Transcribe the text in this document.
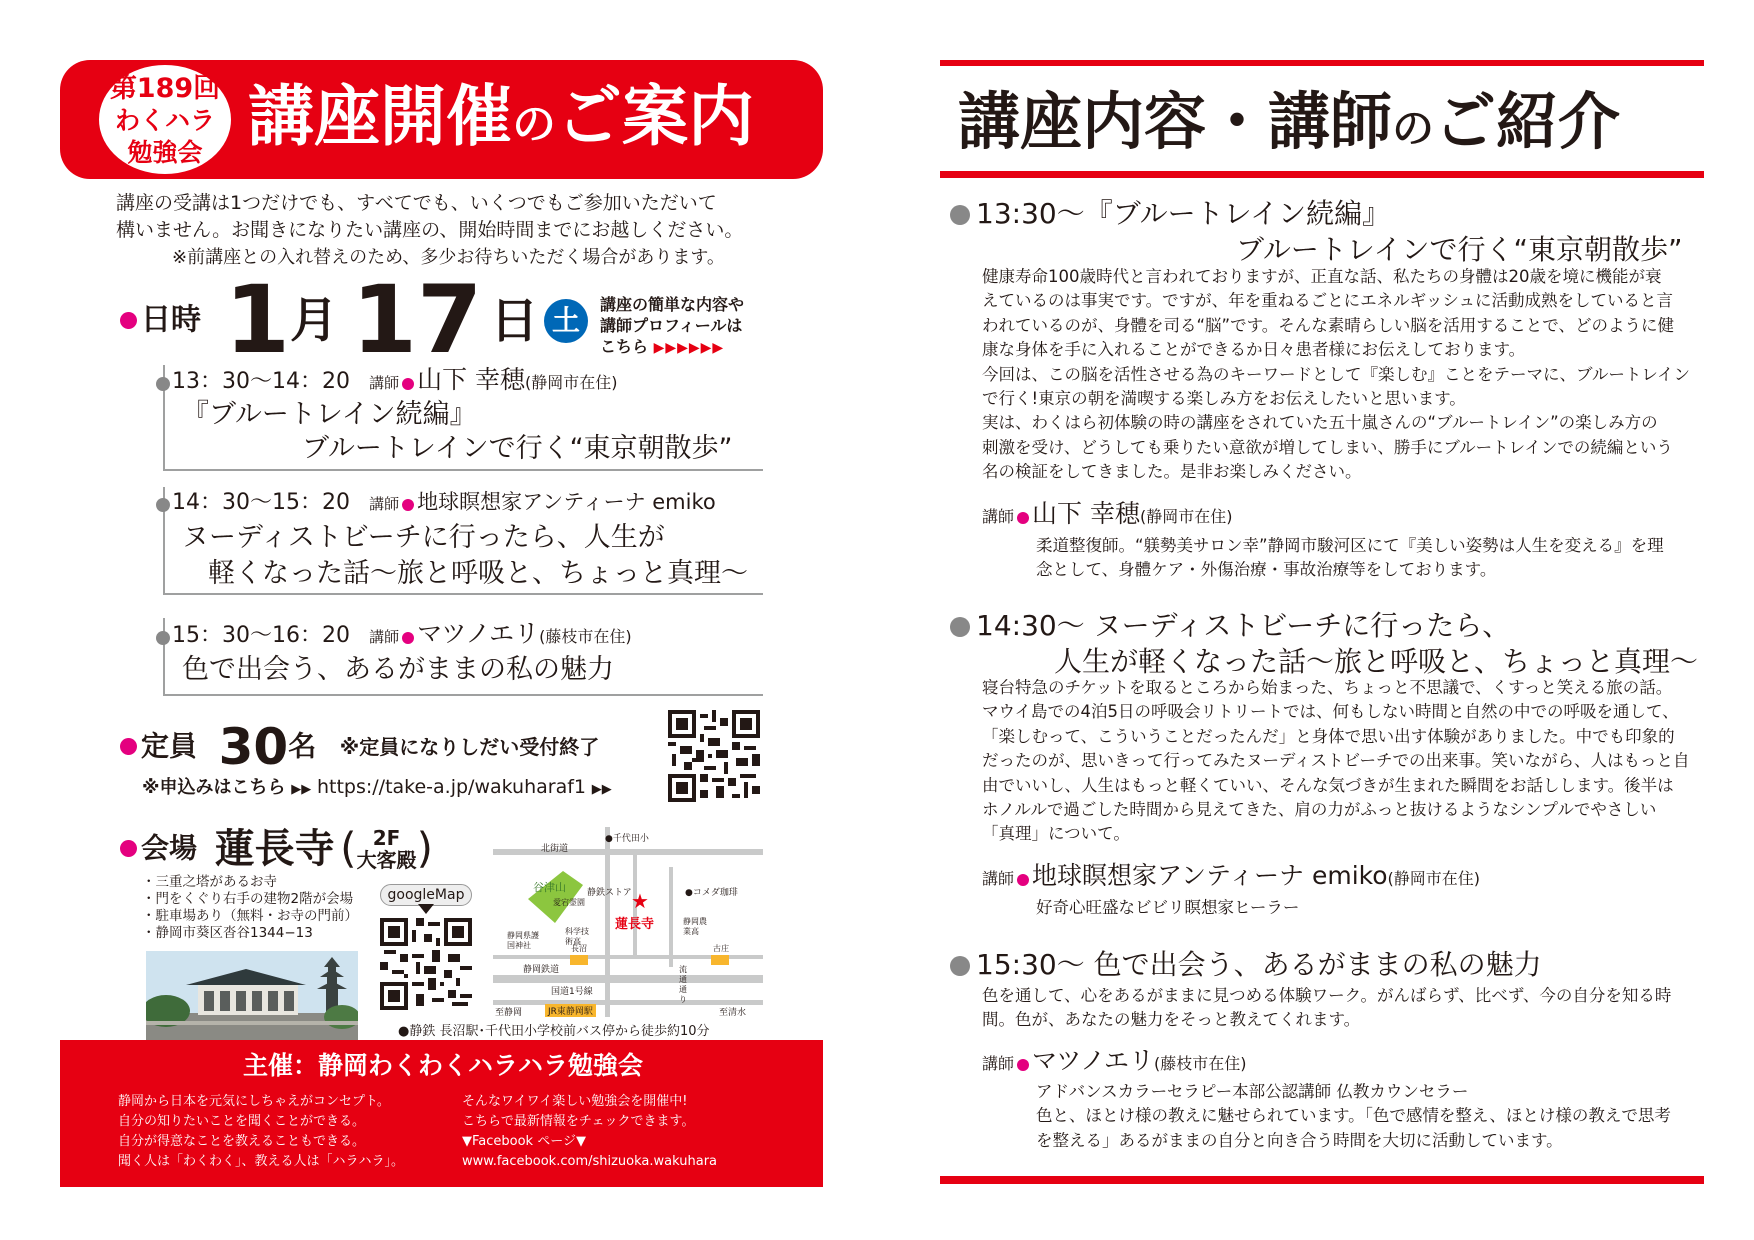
第189回
わくハラ
勉強会 講座開催のご案内
講座の受講は1つだけでも、すべてでも、いくつでもご参加いただいて
構いません。お聞きになりたい講座の、開始時間までにお越しください。
※前講座との入れ替えのため、多少お待ちいただく場合があります。
日時 1月 17 日 土	講座の簡単な内容や
講師プロフィールは
こちら ▶▶▶▶▶▶
13：30〜14：20 講師 山下 幸穂(静岡市在住)
『ブルートレイン続編』
ブルートレインで行く“東京朝散歩”
14：30〜15：20 講師 地球瞑想家アンティーナ emiko
ヌーディストビーチに行ったら、人生が
軽くなった話〜旅と呼吸と、ちょっと真理〜
15：30〜16：20 講師 マツノエリ(藤枝市在住)
色で出会う、あるがままの私の魅力
定員 30名 ※定員になりしだい受付終了
※申込みはこちら ▶▶ https://take-a.jp/wakuharaf1 ▶▶
会場 蓮長寺 ( 2F
大客殿 )
・三重之塔があるお寺
・門をくぐり右手の建物2階が会場
・駐車場あり（無料・お寺の門前）
・静岡市葵区沓谷1344−13
googleMap
北街道
●千代田小
静鉄ストア	●コメダ珈琲
谷津山
愛宕霊園 ★
蓮長寺
科学技術高
静岡県護国神社
静岡農業高
長沼	古庄
静岡鉄道
国道1号線
流通通り
至静岡	JR東静岡駅	至清水
●静鉄 長沼駅･千代田小学校前バス停から徒歩約10分
主催：静岡わくわくハラハラ勉強会
静岡から日本を元気にしちゃえがコンセプト。
自分の知りたいことを聞くことができる。
自分が得意なことを教えることもできる。
聞く人は「わくわく」、教える人は「ハラハラ」。
そんなワイワイ楽しい勉強会を開催中!
こちらで最新情報をチェックできます。
▼Facebook ページ▼
www.facebook.com/shizuoka.wakuhara
講座内容・講師のご紹介
13:30〜『ブルートレイン続編』
ブルートレインで行く“東京朝散歩”
健康寿命100歳時代と言われておりますが、正直な話、私たちの身體は20歳を境に機能が衰
えているのは事実です。ですが、年を重ねるごとにエネルギッシュに活動成熟をしていると言
われているのが、身體を司る“脳”です。そんな素晴らしい脳を活用することで、どのように健
康な身体を手に入れることができるか日々患者様にお伝えしております。
今回は、この脳を活性させる為のキーワードとして『楽しむ』ことをテーマに、ブルートレイン
で行く!東京の朝を満喫する楽しみ方をお伝えしたいと思います。
実は、わくはら初体験の時の講座をされていた五十嵐さんの“ブルートレイン”の楽しみ方の
刺激を受け、どうしても乗りたい意欲が増してしまい、勝手にブルートレインでの続編という
名の検証をしてきました。是非お楽しみください。
講師 山下 幸穂(静岡市在住)
柔道整復師。“躾勢美サロン幸”静岡市駿河区にて『美しい姿勢は人生を変える』を理
念として、身體ケア・外傷治療・事故治療等をしております。
14:30〜 ヌーディストビーチに行ったら、
人生が軽くなった話〜旅と呼吸と、ちょっと真理〜
寝台特急のチケットを取るところから始まった、ちょっと不思議で、くすっと笑える旅の話。
マウイ島での4泊5日の呼吸会リトリートでは、何もしない時間と自然の中での呼吸を通して、
「楽しむって、こういうことだったんだ」と身体で思い出す体験がありました。中でも印象的
だったのが、思いきって行ってみたヌーディストビーチでの出来事。笑いながら、人はもっと自
由でいいし、人生はもっと軽くていい、そんな気づきが生まれた瞬間をお話しします。後半は
ホノルルで過ごした時間から見えてきた、肩の力がふっと抜けるようなシンプルでやさしい
「真理」について。
講師 地球瞑想家アンティーナ emiko(静岡市在住)
好奇心旺盛なビビリ瞑想家ヒーラー
15:30〜 色で出会う、あるがままの私の魅力
色を通して、心をあるがままに見つめる体験ワーク。がんばらず、比べず、今の自分を知る時
間。色が、あなたの魅力をそっと教えてくれます。
講師 マツノエリ(藤枝市在住)
アドバンスカラーセラピー本部公認講師 仏教カウンセラー
色と、ほとけ様の教えに魅せられています。「色で感情を整え、ほとけ様の教えで思考
を整える」あるがままの自分と向き合う時間を大切に活動しています。
